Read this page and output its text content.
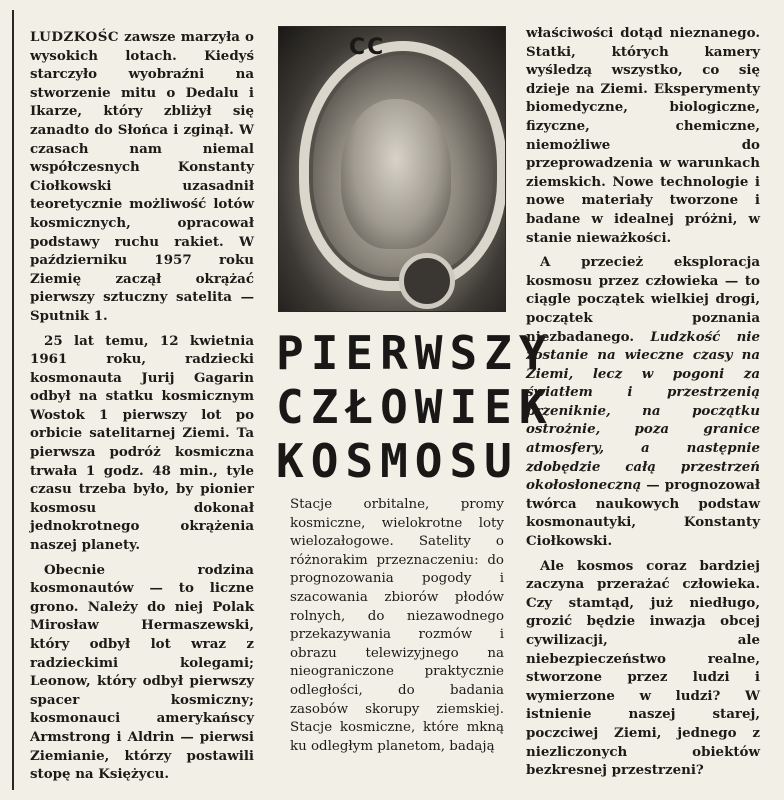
LUDZKOŚC zawsze marzyła o wysokich lotach. Kiedyś starczyło wyobraźni na stworzenie mitu o Dedalu i Ikarze, który zbliżył się zanadto do Słońca i zginął. W czasach nam niemal współczesnych Konstanty Ciołkowski uzasadnił teoretycznie możliwość lotów kosmicznych, opracował podstawy ruchu rakiet. W październiku 1957 roku Ziemię zaczął okrążać pierwszy sztuczny satelita — Sputnik 1.

25 lat temu, 12 kwietnia 1961 roku, radziecki kosmonauta Jurij Gagarin odbył na statku kosmicznym Wostok 1 pierwszy lot po orbicie satelitarnej Ziemi. Ta pierwsza podróż kosmiczna trwała 1 godz. 48 min., tyle czasu trzeba było, by pionier kosmosu dokonał jednokrotnego okrążenia naszej planety.

Obecnie rodzina kosmonautów — to liczne grono. Należy do niej Polak Mirosław Hermaszewski, który odbył lot wraz z radzieckimi kolegami; Leonow, który odbył pierwszy spacer kosmiczny; kosmonauci amerykańscy Armstrong i Aldrin — pierwsi Ziemianie, którzy postawili stopę na Księżycu.

CC
PIERWSZY
CZŁOWIEK
KOSMOSU

Stacje orbitalne, promy kosmiczne, wielokrotne loty wielozałogowe. Satelity o różnorakim przeznaczeniu: do prognozowania pogody i szacowania zbiorów płodów rolnych, do niezawodnego przekazywania rozmów i obrazu telewizyjnego na nieograniczone praktycznie odległości, do badania zasobów skorupy ziemskiej. Stacje kosmiczne, które mkną ku odległym planetom, badają

właściwości dotąd nieznanego. Statki, których kamery wyśledzą wszystko, co się dzieje na Ziemi. Eksperymenty biomedyczne, biologiczne, fizyczne, chemiczne, niemożliwe do przeprowadzenia w warunkach ziemskich. Nowe technologie i nowe materiały tworzone i badane w idealnej próżni, w stanie nieważkości.

A przecież eksploracja kosmosu przez człowieka — to ciągle początek wielkiej drogi, początek poznania niezbadanego. Ludzkość nie zostanie na wieczne czasy na Ziemi, lecz w pogoni za światłem i przestrzenią przeniknie, na początku ostrożnie, poza granice atmosfery, a następnie zdobędzie całą przestrzeń okołosłoneczną — prognozował twórca naukowych podstaw kosmonautyki, Konstanty Ciołkowski.

Ale kosmos coraz bardziej zaczyna przerażać człowieka. Czy stamtąd, już niedługo, grozić będzie inwazja obcej cywilizacji, ale niebezpieczeństwo realne, stworzone przez ludzi i wymierzone w ludzi? W istnienie naszej starej, poczciwej Ziemi, jednego z niezliczonych obiektów bezkresnej przestrzeni?
